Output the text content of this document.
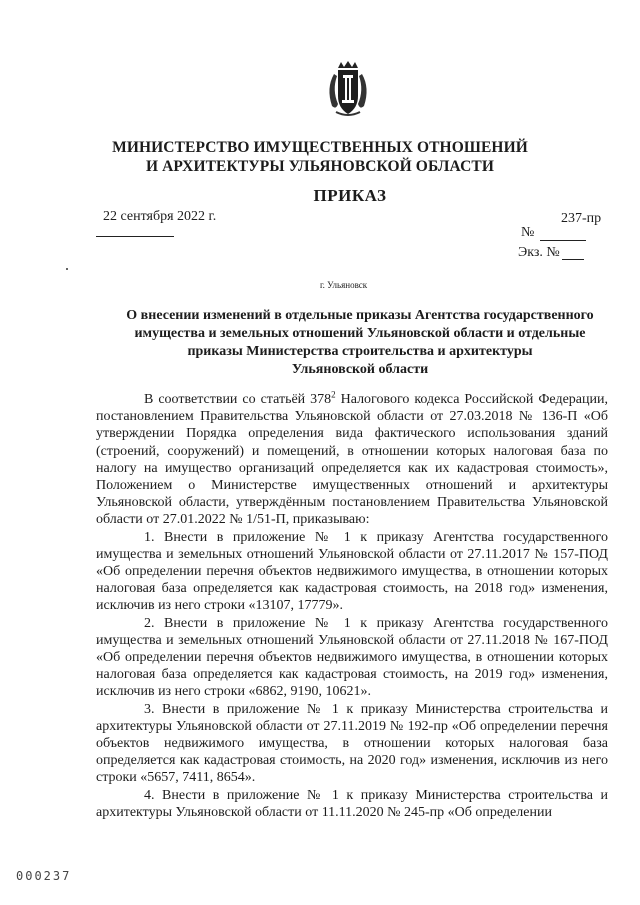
МИНИСТЕРСТВО ИМУЩЕСТВЕННЫХ ОТНОШЕНИЙ
И АРХИТЕКТУРЫ УЛЬЯНОВСКОЙ ОБЛАСТИ
ПРИКАЗ
22 сентября 2022 г.	237-пр
№
Экз. №
г. Ульяновск
О внесении изменений в отдельные приказы Агентства государственного
имущества и земельных отношений Ульяновской области и отдельные
приказы Министерства строительства и архитектуры
Ульяновской области

В соответствии со статьёй $378^2$ Налогового кодекса Российской Федерации, постановлением Правительства Ульяновской области от 27.03.2018 № 136-П «Об утверждении Порядка определения вида фактического использования зданий (строений, сооружений) и помещений, в отношении которых налоговая база по налогу на имущество организаций определяется как их кадастровая стоимость», Положением о Министерстве имущественных отношений и архитектуры Ульяновской области, утверждённым постановлением Правительства Ульяновской области от 27.01.2022 № 1/51-П, приказываю:

1. Внести в приложение № 1 к приказу Агентства государственного имущества и земельных отношений Ульяновской области от 27.11.2017 № 157-ПОД «Об определении перечня объектов недвижимого имущества, в отношении которых налоговая база определяется как кадастровая стоимость, на 2018 год» изменения, исключив из него строки «13107, 17779».

2. Внести в приложение № 1 к приказу Агентства государственного имущества и земельных отношений Ульяновской области от 27.11.2018 № 167-ПОД «Об определении перечня объектов недвижимого имущества, в отношении которых налоговая база определяется как кадастровая стоимость, на 2019 год» изменения, исключив из него строки «6862, 9190, 10621».

3. Внести в приложение № 1 к приказу Министерства строительства и архитектуры Ульяновской области от 27.11.2019 № 192-пр «Об определении перечня объектов недвижимого имущества, в отношении которых налоговая база определяется как кадастровая стоимость, на 2020 год» изменения, исключив из него строки «5657, 7411, 8654».

4. Внести в приложение № 1 к приказу Министерства строительства и архитектуры Ульяновской области от 11.11.2020 № 245-пр «Об определении

000237
